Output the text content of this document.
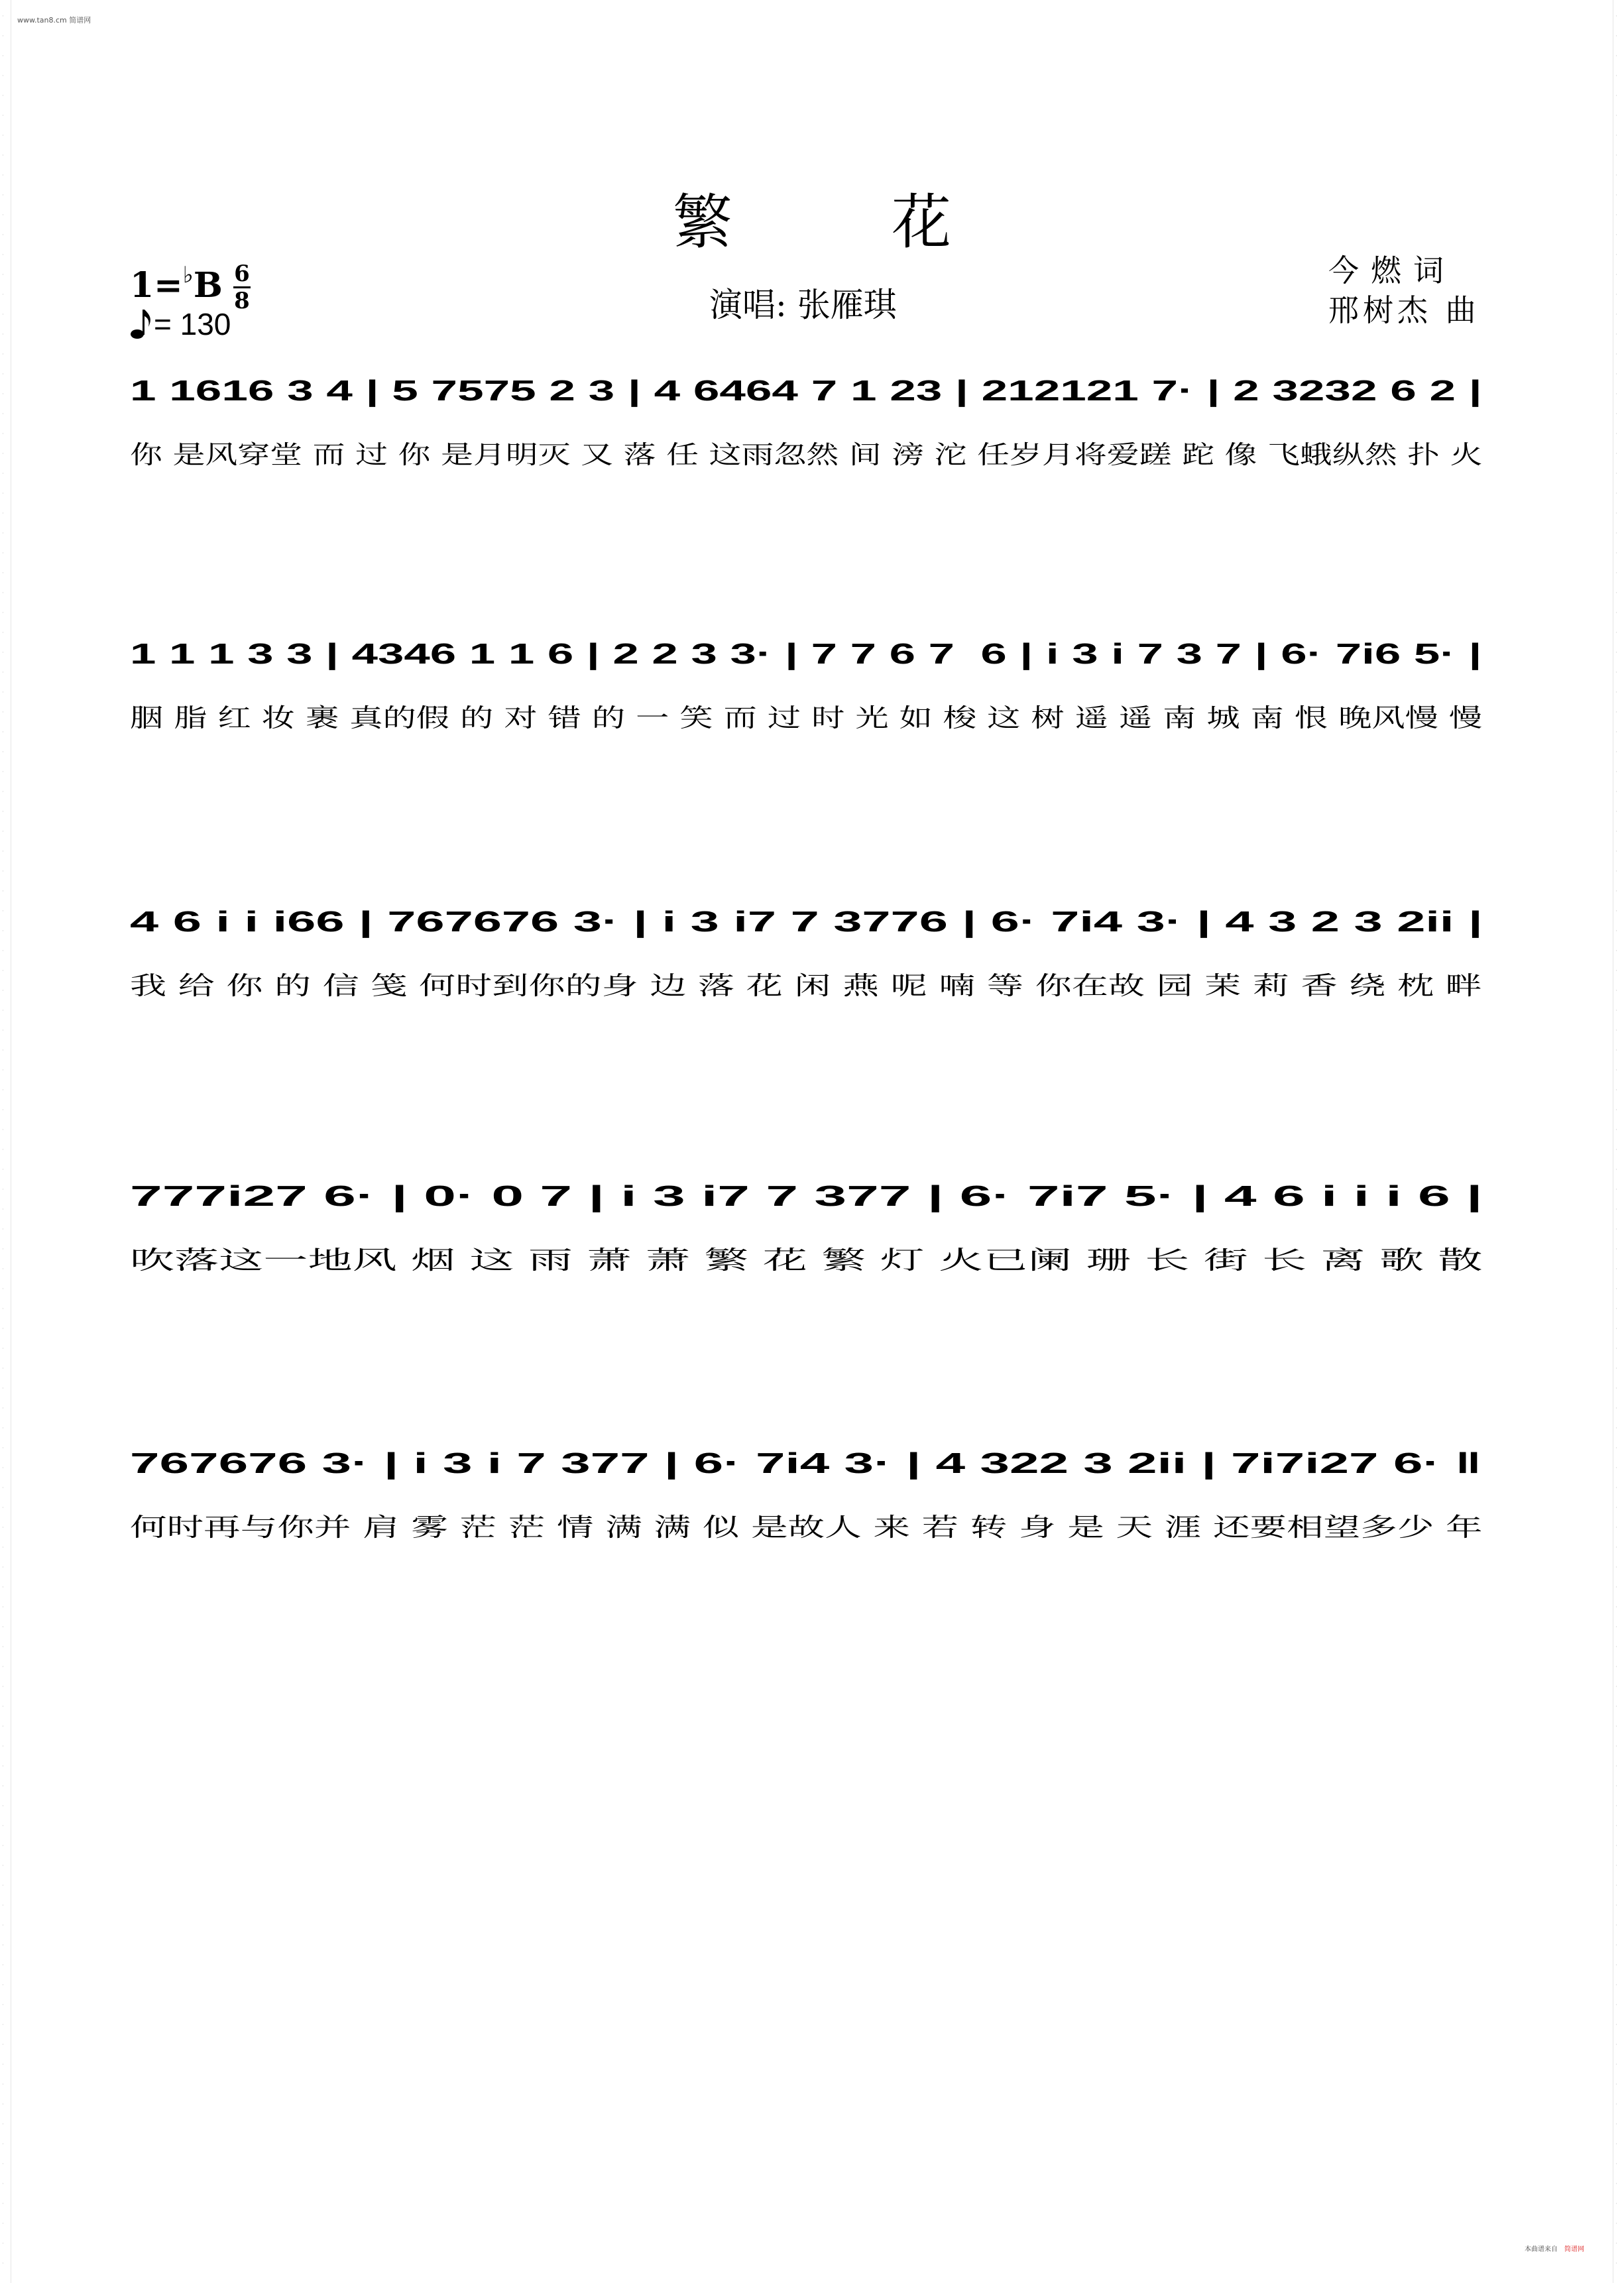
·
·
·
·
·
·
·
·
·
·
·
·
·
·
·
·
·
·
·
·
·
·
·
·
·
·
·
·
·
·
·
·
·
·
·
·
·
·
·
·
·
·
·
·
·
·
·
·
·
·
·
·
·
·
·
·
·
·
·
·
·
·
·
·
·
·
·
·
·
·
·
·
·
·
·
·
·
·
·
·
·
·
·
·
·
·
·
·
·
·
·
·
·
·
·
·
·
·
·
·
·
·
·
·
·
·
·
·
·
·
·
·
·
·
·
·
·
·
·
·
·
·
·
·
·
·
·
·
·
·
·
·
·
·
·
·
·
·
·
·
·
·
·
·
·
·
·
·
·
·
·
·
·
·
·
·
·
·
·
·
·
·
·
·
·
·
·
·
·
·
·
·
·
·
·
·
·
·
·
·
·
·
·
·
·
·
·
·
·
·
·
·
·
·
·
·
·
·
·
·
·
·
·
·
·
·
·
·
·
·
·
·
·
·
·
·
·
·
·
·
·
·
·
·
·
·
·
·
www.tan8.cm 简谱网
繁	花
1=♭B 6
8
= 130	演唱: 张雁琪
今燃词
邢树杰 曲
1 1616 3 4 | 5 7575 2 3 | 4 6464 7 1 23 | 212121 7· | 2 3232 6 2 |
你 是风穿堂 而 过 你 是月明灭 又 落 任 这雨忽然 间 滂 沱 任岁月将爱蹉 跎 像 飞蛾纵然 扑 火
1 1 1 3 3 | 4346 1 1 6 | 2 2 3 3· | 7 7 6 7  6 | i 3 i 7 3 7 | 6· 7i6 5· |
胭 脂 红 妆 裹 真的假 的 对 错 的 一 笑 而 过 时 光 如 梭 这 树 遥 遥 南 城 南 恨 晚风慢 慢
4 6 i i i66 | 767676 3· | i 3 i7 7 3776 | 6· 7i4 3· | 4 3 2 3 2ii |
我 给 你 的 信 笺 何时到你的身 边 落 花 闲 燕 呢 喃 等 你在故 园 茉 莉 香 绕 枕 畔
777i27 6· | 0· 0 7 | i 3 i7 7 377 | 6· 7i7 5· | 4 6 i i i 6 |
吹落这一地风 烟 这 雨 萧 萧 繁 花 繁 灯 火已阑 珊 长 街 长 离 歌 散
767676 3· | i 3 i 7 377 | 6· 7i4 3· | 4 322 3 2ii | 7i7i27 6· ‖
何时再与你并 肩 雾 茫 茫 情 满 满 似 是故人 来 若 转 身 是 天 涯 还要相望多少 年
本曲谱来自 简谱网
